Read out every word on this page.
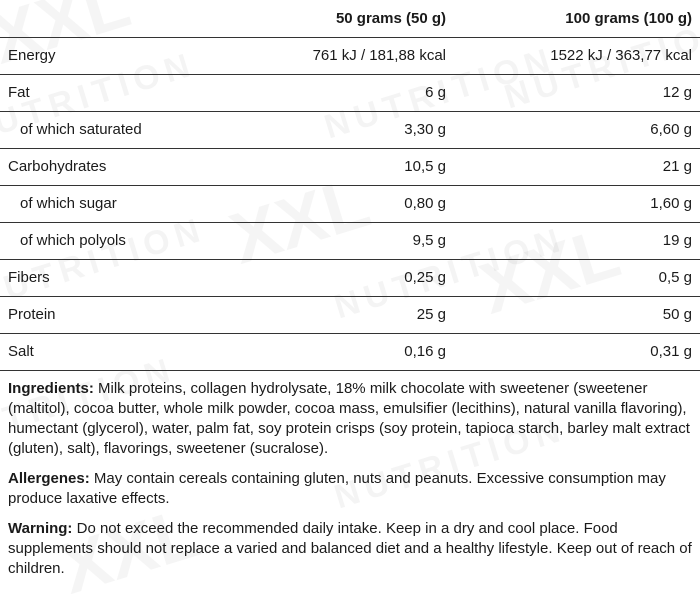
	50 grams (50 g)	100 grams (100 g)
Energy	761 kJ / 181,88 kcal	1522 kJ / 363,77 kcal
Fat	6 g	12 g
of which saturated	3,30 g	6,60 g
Carbohydrates	10,5 g	21 g
of which sugar	0,80 g	1,60 g
of which polyols	9,5 g	19 g
Fibers	0,25 g	0,5 g
Protein	25 g	50 g
Salt	0,16 g	0,31 g

Ingredients: Milk proteins, collagen hydrolysate, 18% milk chocolate with sweetener (sweetener (maltitol), cocoa butter, whole milk powder, cocoa mass, emulsifier (lecithins), natural vanilla flavoring), humectant (glycerol), water, palm fat, soy protein crisps (soy protein, tapioca starch, barley malt extract (gluten), salt), flavorings, sweetener (sucralose).

Allergenes: May contain cereals containing gluten, nuts and peanuts. Excessive consumption may produce laxative effects.

Warning: Do not exceed the recommended daily intake. Keep in a dry and cool place. Food supplements should not replace a varied and balanced diet and a healthy lifestyle. Keep out of reach of children.
